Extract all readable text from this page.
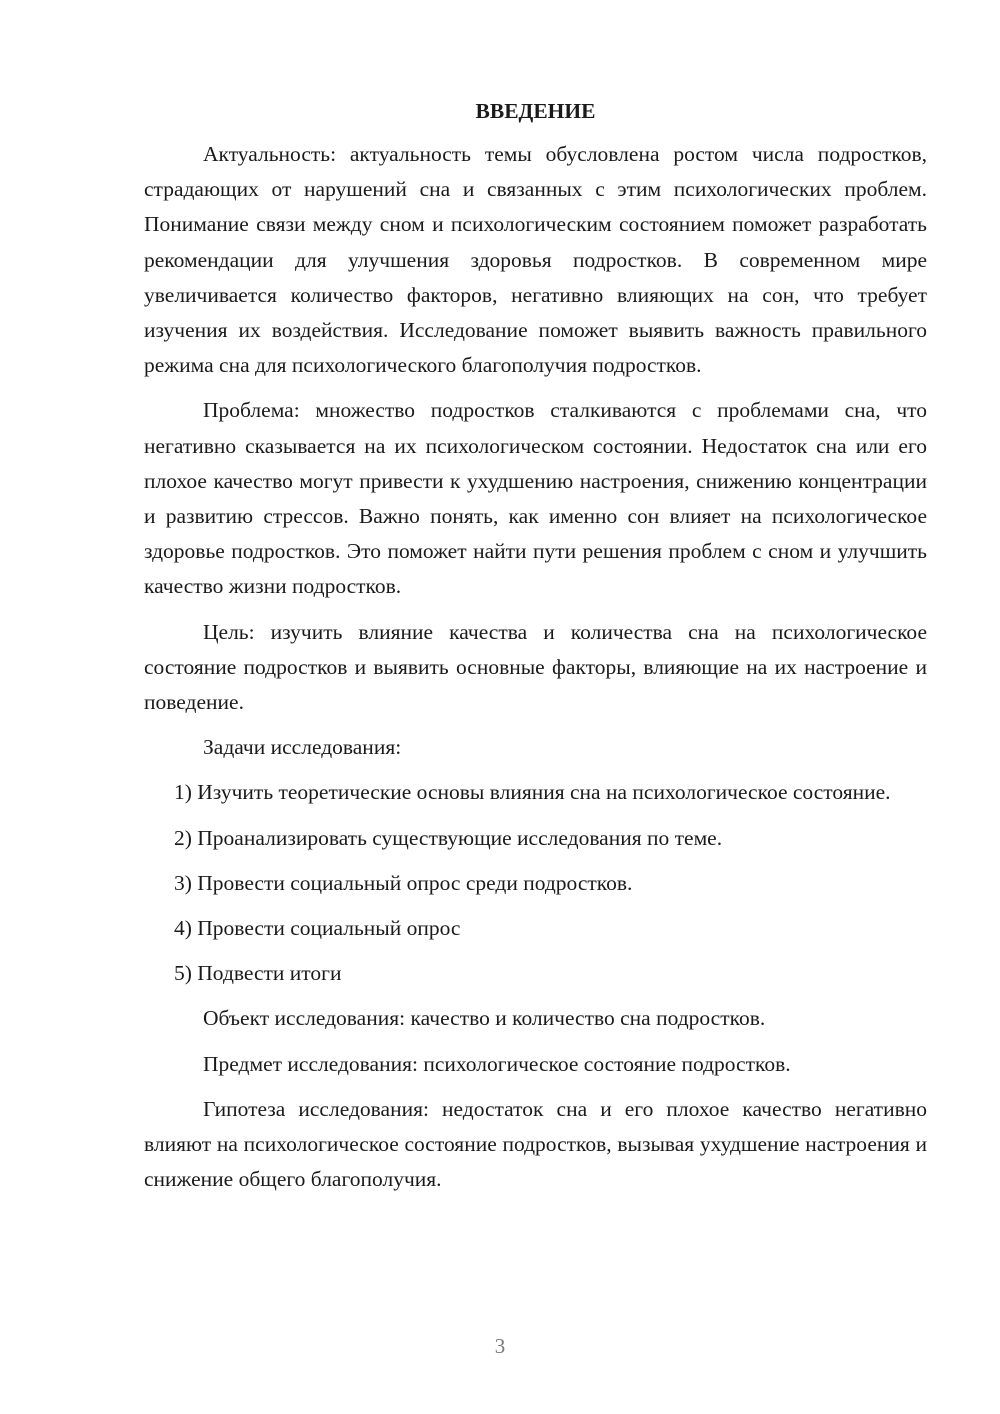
ВВЕДЕНИЕ

Актуальность: актуальность темы обусловлена ростом числа подростков, страдающих от нарушений сна и связанных с этим психологических проблем. Понимание связи между сном и психологическим состоянием поможет разработать рекомендации для улучшения здоровья подростков. В современном мире увеличивается количество факторов, негативно влияющих на сон, что требует изучения их воздействия. Исследование поможет выявить важность правильного режима сна для психологического благополучия подростков.

Проблема: множество подростков сталкиваются с проблемами сна, что негативно сказывается на их психологическом состоянии. Недостаток сна или его плохое качество могут привести к ухудшению настроения, снижению концентрации и развитию стрессов. Важно понять, как именно сон влияет на психологическое здоровье подростков. Это поможет найти пути решения проблем с сном и улучшить качество жизни подростков.

Цель: изучить влияние качества и количества сна на психологическое состояние подростков и выявить основные факторы, влияющие на их настроение и поведение.

Задачи исследования:

1) Изучить теоретические основы влияния сна на психологическое состояние.

2) Проанализировать существующие исследования по теме.

3) Провести социальный опрос среди подростков.

4) Провести социальный опрос

5) Подвести итоги

Объект исследования: качество и количество сна подростков.

Предмет исследования: психологическое состояние подростков.

Гипотеза исследования: недостаток сна и его плохое качество негативно влияют на психологическое состояние подростков, вызывая ухудшение настроения и снижение общего благополучия.

3
